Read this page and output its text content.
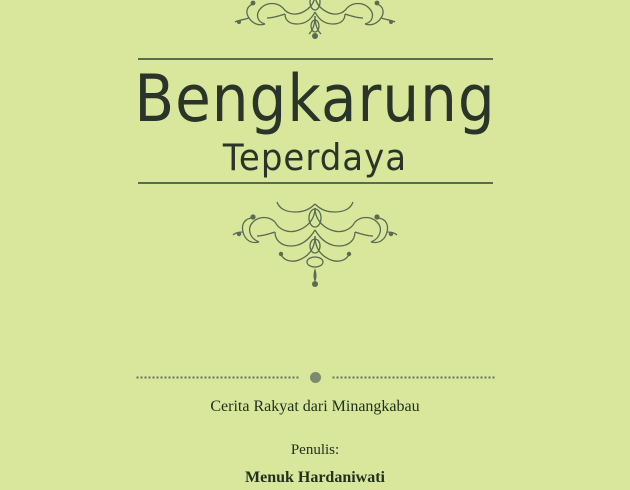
Bengkarung
Teperdaya
Cerita Rakyat dari Minangkabau
Penulis:
Menuk Hardaniwati
